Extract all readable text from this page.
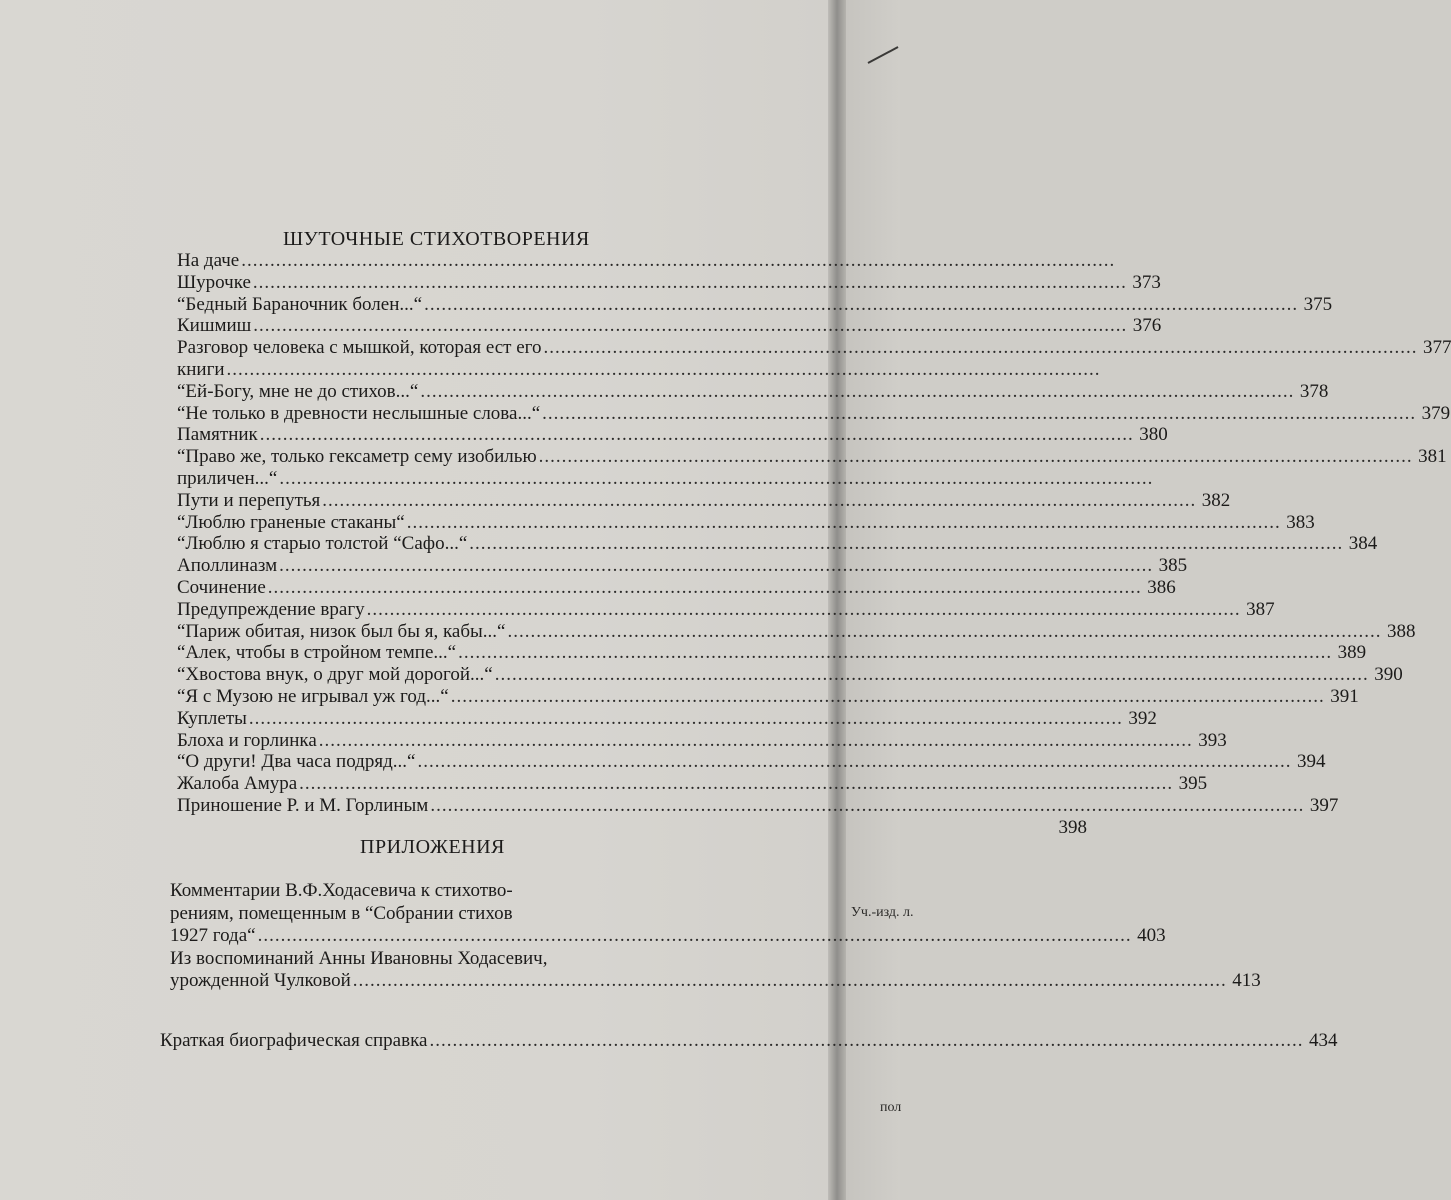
Уч.-изд. л.
пол
ШУТОЧНЫЕ СТИХОТВОРЕНИЯ
На даче
.....
Шурочке .....	373
“Бедный Бараночник болен...“ .....	375
Кишмиш .....	376
Разговор человека с мышкой, которая ест его .....	377
книги
.....
“Ей-Богу, мне не до стихов...“ .....	378
“Не только в древности неслышные слова...“ .....	379
Памятник .....	380
“Право же, только гексаметр сему изобилью .....	381
приличен...“
.....
Пути и перепутья .....	382
“Люблю граненые стаканы“ .....	383
“Люблю я старыо толстой “Сафо...“ .....	384
Аполлиназм .....	385
Сочинение .....	386
Предупреждение врагу .....	387
“Париж обитая, низок был бы я, кабы...“ .....	388
“Алек, чтобы в стройном темпе...“ .....	389
“Хвостова внук, о друг мой дорогой...“ .....	390
“Я с Музою не игрывал уж год...“ .....	391
Куплеты .....	392
Блоха и горлинка .....	393
“О други! Два часа подряд...“ .....	394
Жалоба Амура .....	395
Приношение Р. и М. Горлиным .....	397
398
ПРИЛОЖЕНИЯ
Комментарии В.Ф.Ходасевича к стихотво-
рениям, помещенным в “Собрании стихов
1927 года“ .....	403
Из воспоминаний Анны Ивановны Ходасевич,
урожденной Чулковой .....	413
Краткая биографическая справка .....	434
